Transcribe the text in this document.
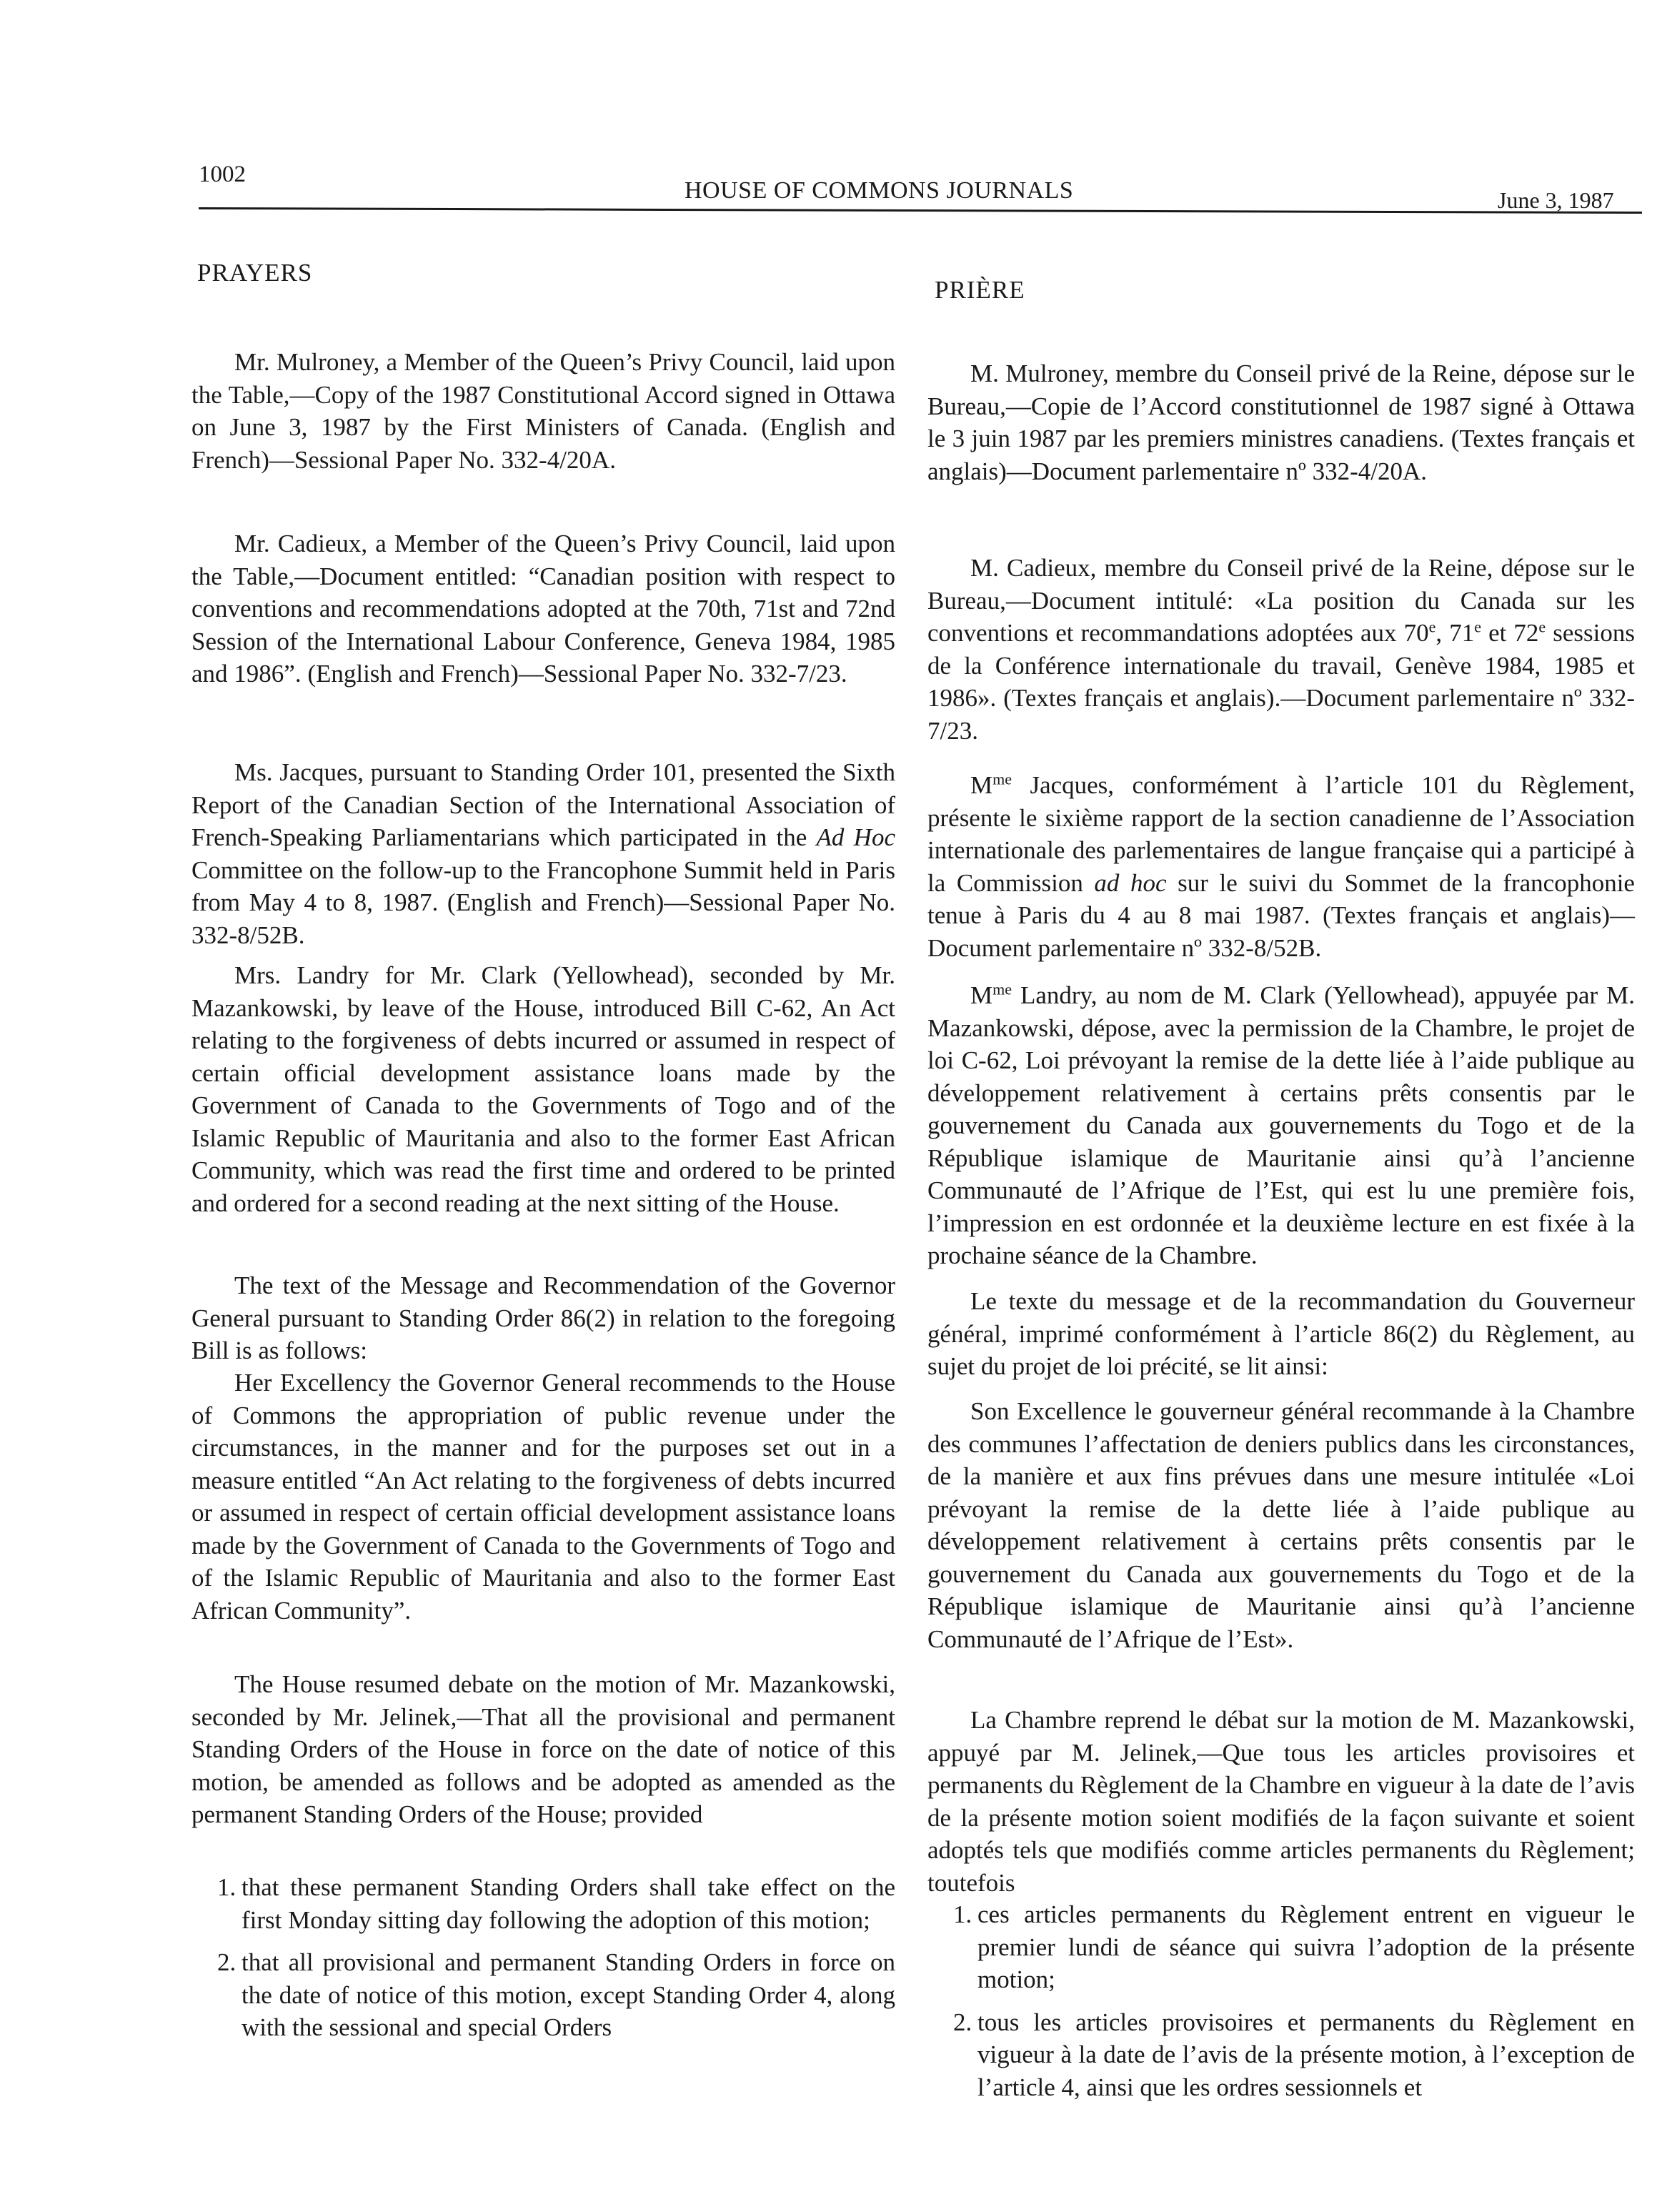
1002
HOUSE OF COMMONS JOURNALS	June 3, 1987
PRAYERS
PRIÈRE

Mr. Mulroney, a Member of the Queen’s Privy Council, laid upon the Table,—Copy of the 1987 Constitutional Accord signed in Ottawa on June 3, 1987 by the First Ministers of Canada. (English and French)—Sessional Paper No. 332-4/20A.

Mr. Cadieux, a Member of the Queen’s Privy Council, laid upon the Table,—Document entitled: “Canadian position with respect to conventions and recommendations adopted at the 70th, 71st and 72nd Session of the International Labour Conference, Geneva 1984, 1985 and 1986”. (English and French)—Sessional Paper No. 332-7/23.

Ms. Jacques, pursuant to Standing Order 101, presented the Sixth Report of the Canadian Section of the International Association of French-Speaking Parliamentarians which participated in the Ad Hoc Committee on the follow-up to the Francophone Summit held in Paris from May 4 to 8, 1987. (English and French)—Sessional Paper No. 332-8/52B.

Mrs. Landry for Mr. Clark (Yellowhead), seconded by Mr. Mazankowski, by leave of the House, introduced Bill C-62, An Act relating to the forgiveness of debts incurred or assumed in respect of certain official development assistance loans made by the Government of Canada to the Governments of Togo and of the Islamic Republic of Mauritania and also to the former East African Community, which was read the first time and ordered to be printed and ordered for a second reading at the next sitting of the House.

The text of the Message and Recommendation of the Governor General pursuant to Standing Order 86(2) in relation to the foregoing Bill is as follows:

Her Excellency the Governor General recommends to the House of Commons the appropriation of public revenue under the circumstances, in the manner and for the purposes set out in a measure entitled “An Act relating to the forgiveness of debts incurred or assumed in respect of certain official development assistance loans made by the Government of Canada to the Governments of Togo and of the Islamic Republic of Mauritania and also to the former East African Community”.

The House resumed debate on the motion of Mr. Mazankowski, seconded by Mr. Jelinek,—That all the provisional and permanent Standing Orders of the House in force on the date of notice of this motion, be amended as follows and be adopted as amended as the permanent Standing Orders of the House; provided

1. that these permanent Standing Orders shall take effect on the first Monday sitting day following the adoption of this motion;
2. that all provisional and permanent Standing Orders in force on the date of notice of this motion, except Standing Order 4, along with the sessional and special Orders

M. Mulroney, membre du Conseil privé de la Reine, dépose sur le Bureau,—Copie de l’Accord constitutionnel de 1987 signé à Ottawa le 3 juin 1987 par les premiers ministres canadiens. (Textes français et anglais)—Document parlementaire nº 332-4/20A.

M. Cadieux, membre du Conseil privé de la Reine, dépose sur le Bureau,—Document intitulé: «La position du Canada sur les conventions et recommandations adoptées aux 70e, 71e et 72e sessions de la Conférence internationale du travail, Genève 1984, 1985 et 1986». (Textes français et anglais).—Document parlementaire nº 332-7/23.

$M^{me}$ Jacques, conformément à l’article 101 du Règlement, présente le sixième rapport de la section canadienne de l’Association internationale des parlementaires de langue française qui a participé à la Commission ad hoc sur le suivi du Sommet de la francophonie tenue à Paris du 4 au 8 mai 1987. (Textes français et anglais)—Document parlementaire nº 332-8/52B.

$M^{me}$ Landry, au nom de M. Clark (Yellowhead), appuyée par M. Mazankowski, dépose, avec la permission de la Chambre, le projet de loi C-62, Loi prévoyant la remise de la dette liée à l’aide publique au développement relativement à certains prêts consentis par le gouvernement du Canada aux gouvernements du Togo et de la République islamique de Mauritanie ainsi qu’à l’ancienne Communauté de l’Afrique de l’Est, qui est lu une première fois, l’impression en est ordonnée et la deuxième lecture en est fixée à la prochaine séance de la Chambre.

Le texte du message et de la recommandation du Gouverneur général, imprimé conformément à l’article 86(2) du Règlement, au sujet du projet de loi précité, se lit ainsi:

Son Excellence le gouverneur général recommande à la Chambre des communes l’affectation de deniers publics dans les circonstances, de la manière et aux fins prévues dans une mesure intitulée «Loi prévoyant la remise de la dette liée à l’aide publique au développement relativement à certains prêts consentis par le gouvernement du Canada aux gouvernements du Togo et de la République islamique de Mauritanie ainsi qu’à l’ancienne Communauté de l’Afrique de l’Est».

La Chambre reprend le débat sur la motion de M. Mazankowski, appuyé par M. Jelinek,—Que tous les articles provisoires et permanents du Règlement de la Chambre en vigueur à la date de l’avis de la présente motion soient modifiés de la façon suivante et soient adoptés tels que modifiés comme articles permanents du Règlement; toutefois

1. ces articles permanents du Règlement entrent en vigueur le premier lundi de séance qui suivra l’adoption de la présente motion;
2. tous les articles provisoires et permanents du Règlement en vigueur à la date de l’avis de la présente motion, à l’exception de l’article 4, ainsi que les ordres sessionnels et
